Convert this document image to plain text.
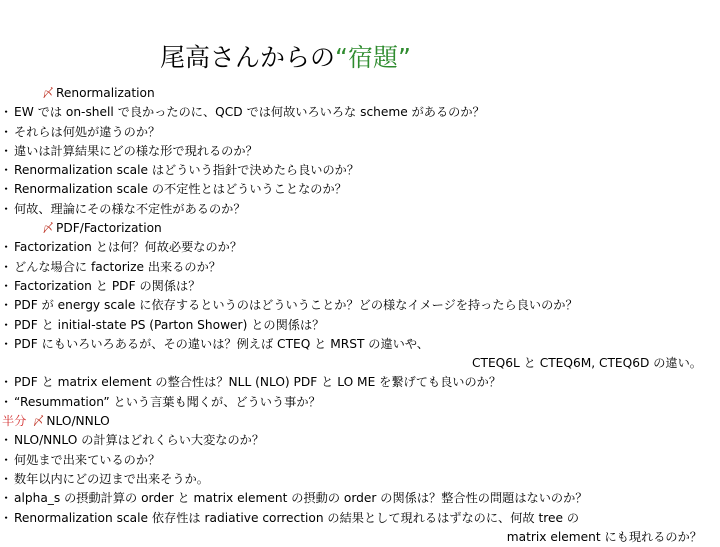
尾高さんからの“宿題”
〆 Renormalization
・ EW では on-shell で良かったのに、QCD では何故いろいろな scheme があるのか？
・ それらは何処が違うのか？
・ 違いは計算結果にどの様な形で現れるのか？
・ Renormalization scale はどういう指針で決めたら良いのか？
・ Renormalization scale の不定性とはどういうことなのか？
・ 何故、理論にその様な不定性があるのか？
〆 PDF/Factorization
・ Factorization とは何？何故必要なのか？
・ どんな場合に factorize 出来るのか？
・ Factorization と PDF の関係は？
・ PDF が energy scale に依存するというのはどういうことか？どの様なイメージを持ったら良いのか？
・ PDF と initial-state PS (Parton Shower) との関係は？
・ PDF にもいろいろあるが、その違いは？例えば CTEQ と MRST の違いや、
CTEQ6L と CTEQ6M, CTEQ6D の違い。
・ PDF と matrix element の整合性は？NLL (NLO) PDF と LO ME を繋げても良いのか？
・ “Resummation” という言葉も聞くが、どういう事か？
半分 〆 NLO/NNLO
・ NLO/NNLO の計算はどれくらい大変なのか？
・ 何処まで出来ているのか？
・ 数年以内にどの辺まで出来そうか。
・ alpha_s の摂動計算の order と matrix element の摂動の order の関係は？整合性の問題はないのか？
・ Renormalization scale 依存性は radiative correction の結果として現れるはずなのに、何故 tree の
matrix element にも現れるのか？
